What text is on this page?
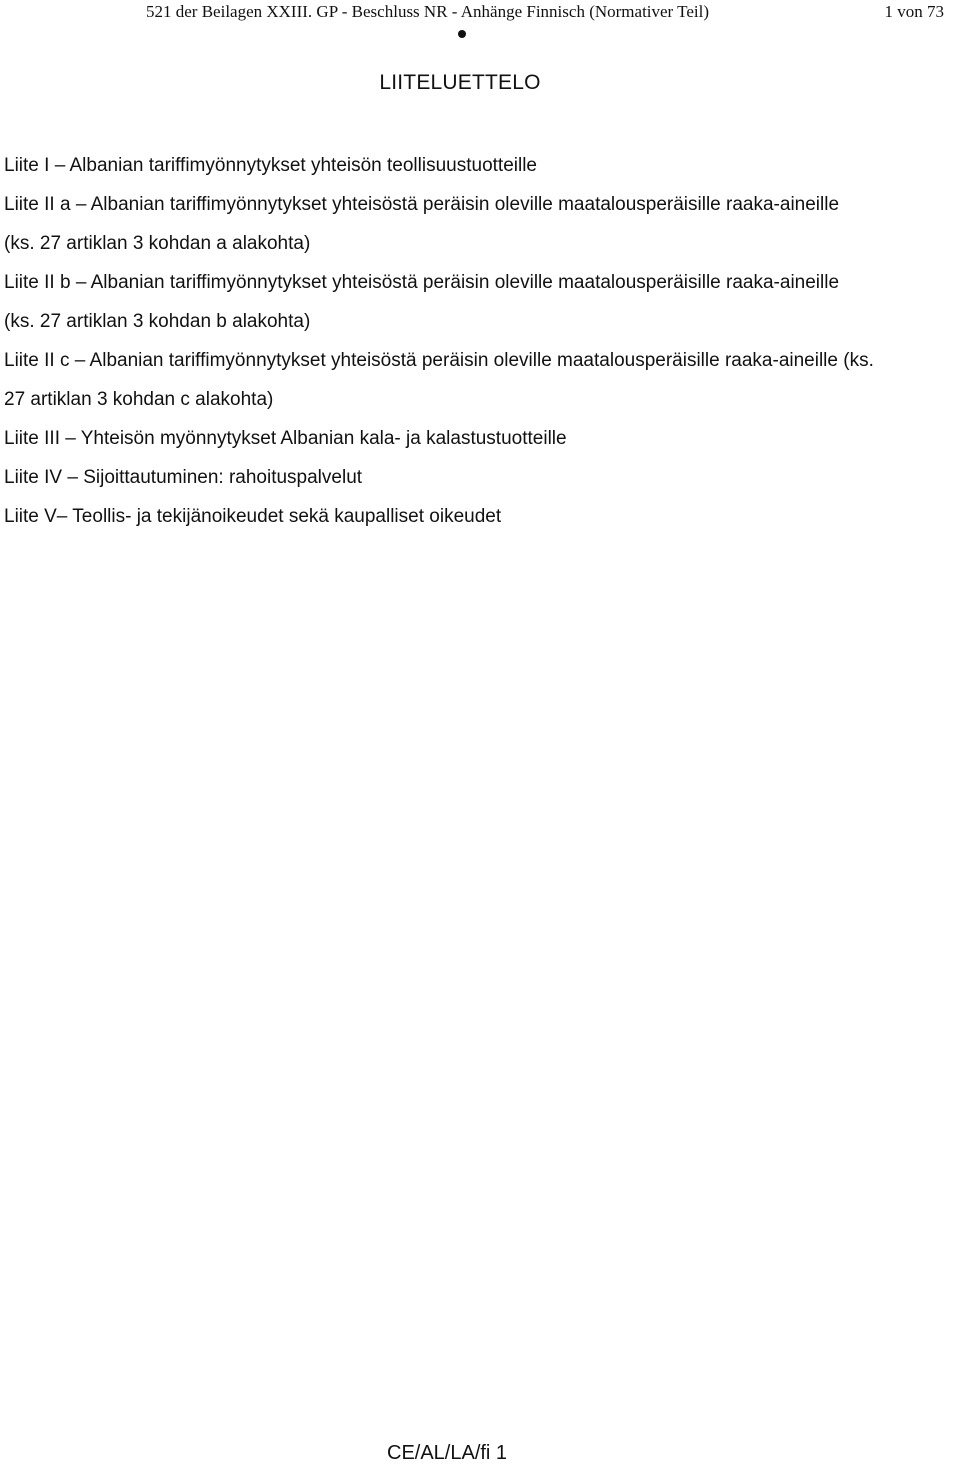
521 der Beilagen XXIII. GP - Beschluss NR - Anhänge Finnisch (Normativer Teil)	1 von 73
LIITELUETTELO

Liite I – Albanian tariffimyönnytykset yhteisön teollisuustuotteille

Liite II a – Albanian tariffimyönnytykset yhteisöstä peräisin oleville maatalousperäisille raaka-aineille (ks. 27 artiklan 3 kohdan a alakohta)

Liite II b – Albanian tariffimyönnytykset yhteisöstä peräisin oleville maatalousperäisille raaka-aineille (ks. 27 artiklan 3 kohdan b alakohta)

Liite II c – Albanian tariffimyönnytykset yhteisöstä peräisin oleville maatalousperäisille raaka-aineille (ks. 27 artiklan 3 kohdan c alakohta)

Liite III – Yhteisön myönnytykset Albanian kala- ja kalastustuotteille

Liite IV – Sijoittautuminen: rahoituspalvelut

Liite V– Teollis- ja tekijänoikeudet sekä kaupalliset oikeudet

CE/AL/LA/fi 1
